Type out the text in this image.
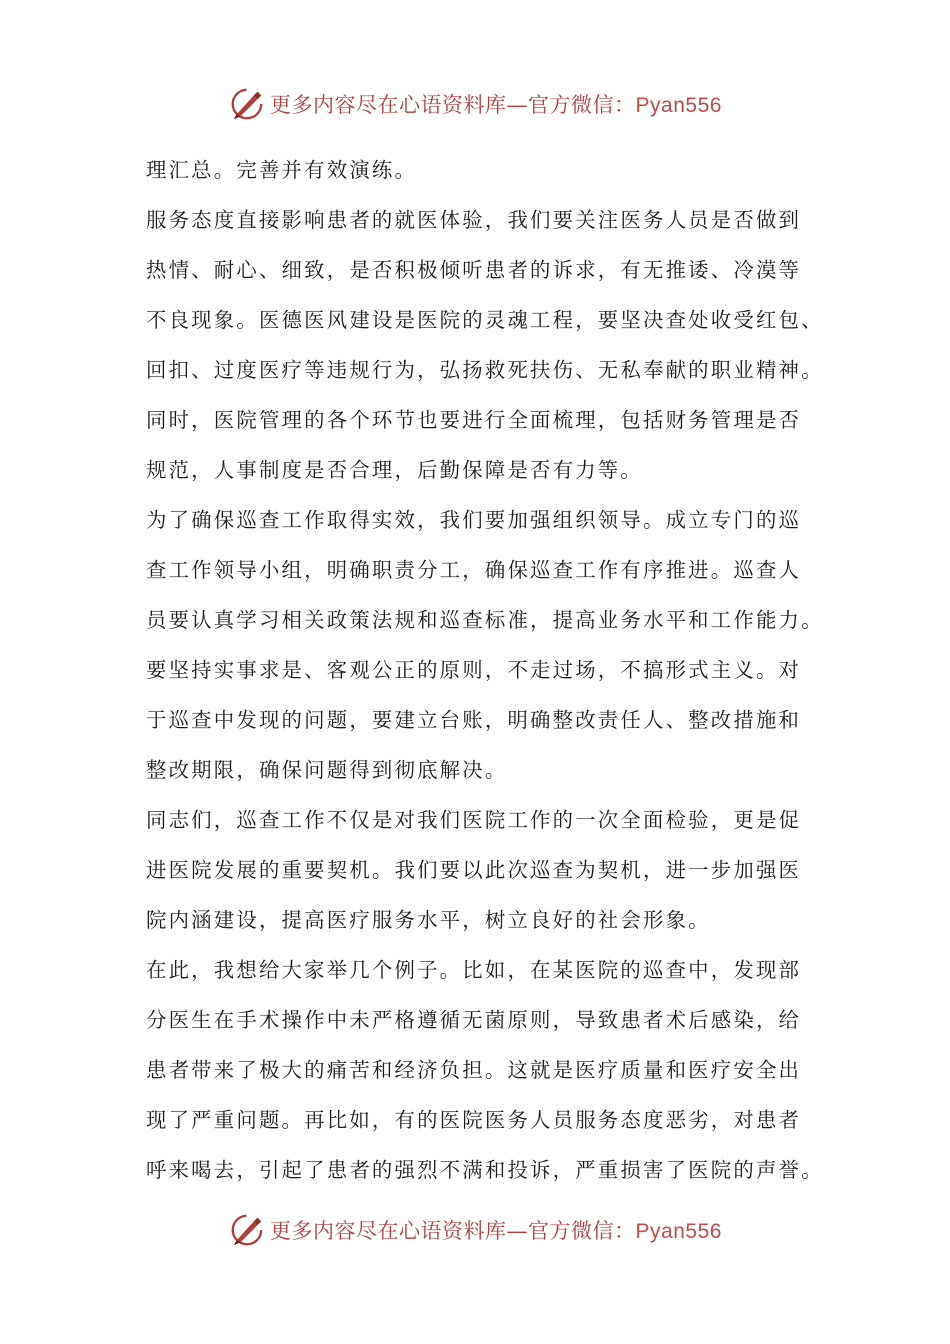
更多内容尽在心语资料库—官方微信：Pyan556
理汇总。完善并有效演练。
服务态度直接影响患者的就医体验，我们要关注医务人员是否做到
热情、耐心、细致，是否积极倾听患者的诉求，有无推诿、冷漠等
不良现象。医德医风建设是医院的灵魂工程，要坚决查处收受红包、
回扣、过度医疗等违规行为，弘扬救死扶伤、无私奉献的职业精神。
同时，医院管理的各个环节也要进行全面梳理，包括财务管理是否
规范，人事制度是否合理，后勤保障是否有力等。
为了确保巡查工作取得实效，我们要加强组织领导。成立专门的巡
查工作领导小组，明确职责分工，确保巡查工作有序推进。巡查人
员要认真学习相关政策法规和巡查标准，提高业务水平和工作能力。
要坚持实事求是、客观公正的原则，不走过场，不搞形式主义。对
于巡查中发现的问题，要建立台账，明确整改责任人、整改措施和
整改期限，确保问题得到彻底解决。
同志们，巡查工作不仅是对我们医院工作的一次全面检验，更是促
进医院发展的重要契机。我们要以此次巡查为契机，进一步加强医
院内涵建设，提高医疗服务水平，树立良好的社会形象。
在此，我想给大家举几个例子。比如，在某医院的巡查中，发现部
分医生在手术操作中未严格遵循无菌原则，导致患者术后感染，给
患者带来了极大的痛苦和经济负担。这就是医疗质量和医疗安全出
现了严重问题。再比如，有的医院医务人员服务态度恶劣，对患者
呼来喝去，引起了患者的强烈不满和投诉，严重损害了医院的声誉。
更多内容尽在心语资料库—官方微信：Pyan556
